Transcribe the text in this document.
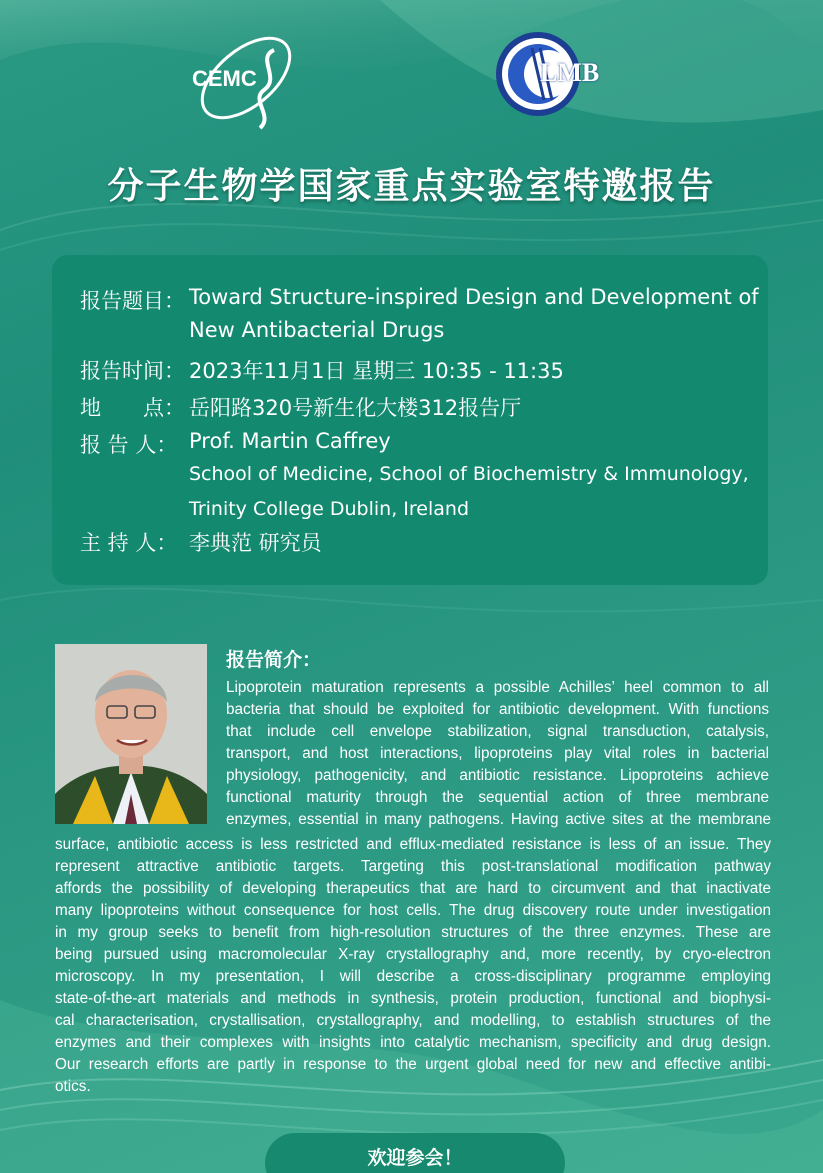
CEMC	LMB
分子生物学国家重点实验室特邀报告
报告题目： Toward Structure-inspired Design and Development of
New Antibacterial Drugs
报告时间： 2023年11月1日 星期三 10:35 - 11:35
地　　点： 岳阳路320号新生化大楼312报告厅
报 告 人： Prof. Martin Caffrey
School of Medicine, School of Biochemistry & Immunology,
Trinity College Dublin, Ireland
主 持 人： 李典范 研究员
报告简介：
Lipoprotein maturation represents a possible Achilles’ heel common to all
bacteria that should be exploited for antibiotic development. With functions
that include cell envelope stabilization, signal transduction, catalysis,
transport, and host interactions, lipoproteins play vital roles in bacterial
physiology, pathogenicity, and antibiotic resistance. Lipoproteins achieve
functional maturity through the sequential action of three membrane
enzymes, essential in many pathogens. Having active sites at the membrane
surface, antibiotic access is less restricted and efflux-mediated resistance is less of an issue. They
represent attractive antibiotic targets. Targeting this post-translational modification pathway
affords the possibility of developing therapeutics that are hard to circumvent and that inactivate
many lipoproteins without consequence for host cells. The drug discovery route under investigation
in my group seeks to benefit from high-resolution structures of the three enzymes. These are
being pursued using macromolecular X-ray crystallography and, more recently, by cryo-electron
microscopy. In my presentation, I will describe a cross-disciplinary programme employing
state-of-the-art materials and methods in synthesis, protein production, functional and biophysi-
cal characterisation, crystallisation, crystallography, and modelling, to establish structures of the
enzymes and their complexes with insights into catalytic mechanism, specificity and drug design.
Our research efforts are partly in response to the urgent global need for new and effective antibi-
otics.
欢迎参会！
